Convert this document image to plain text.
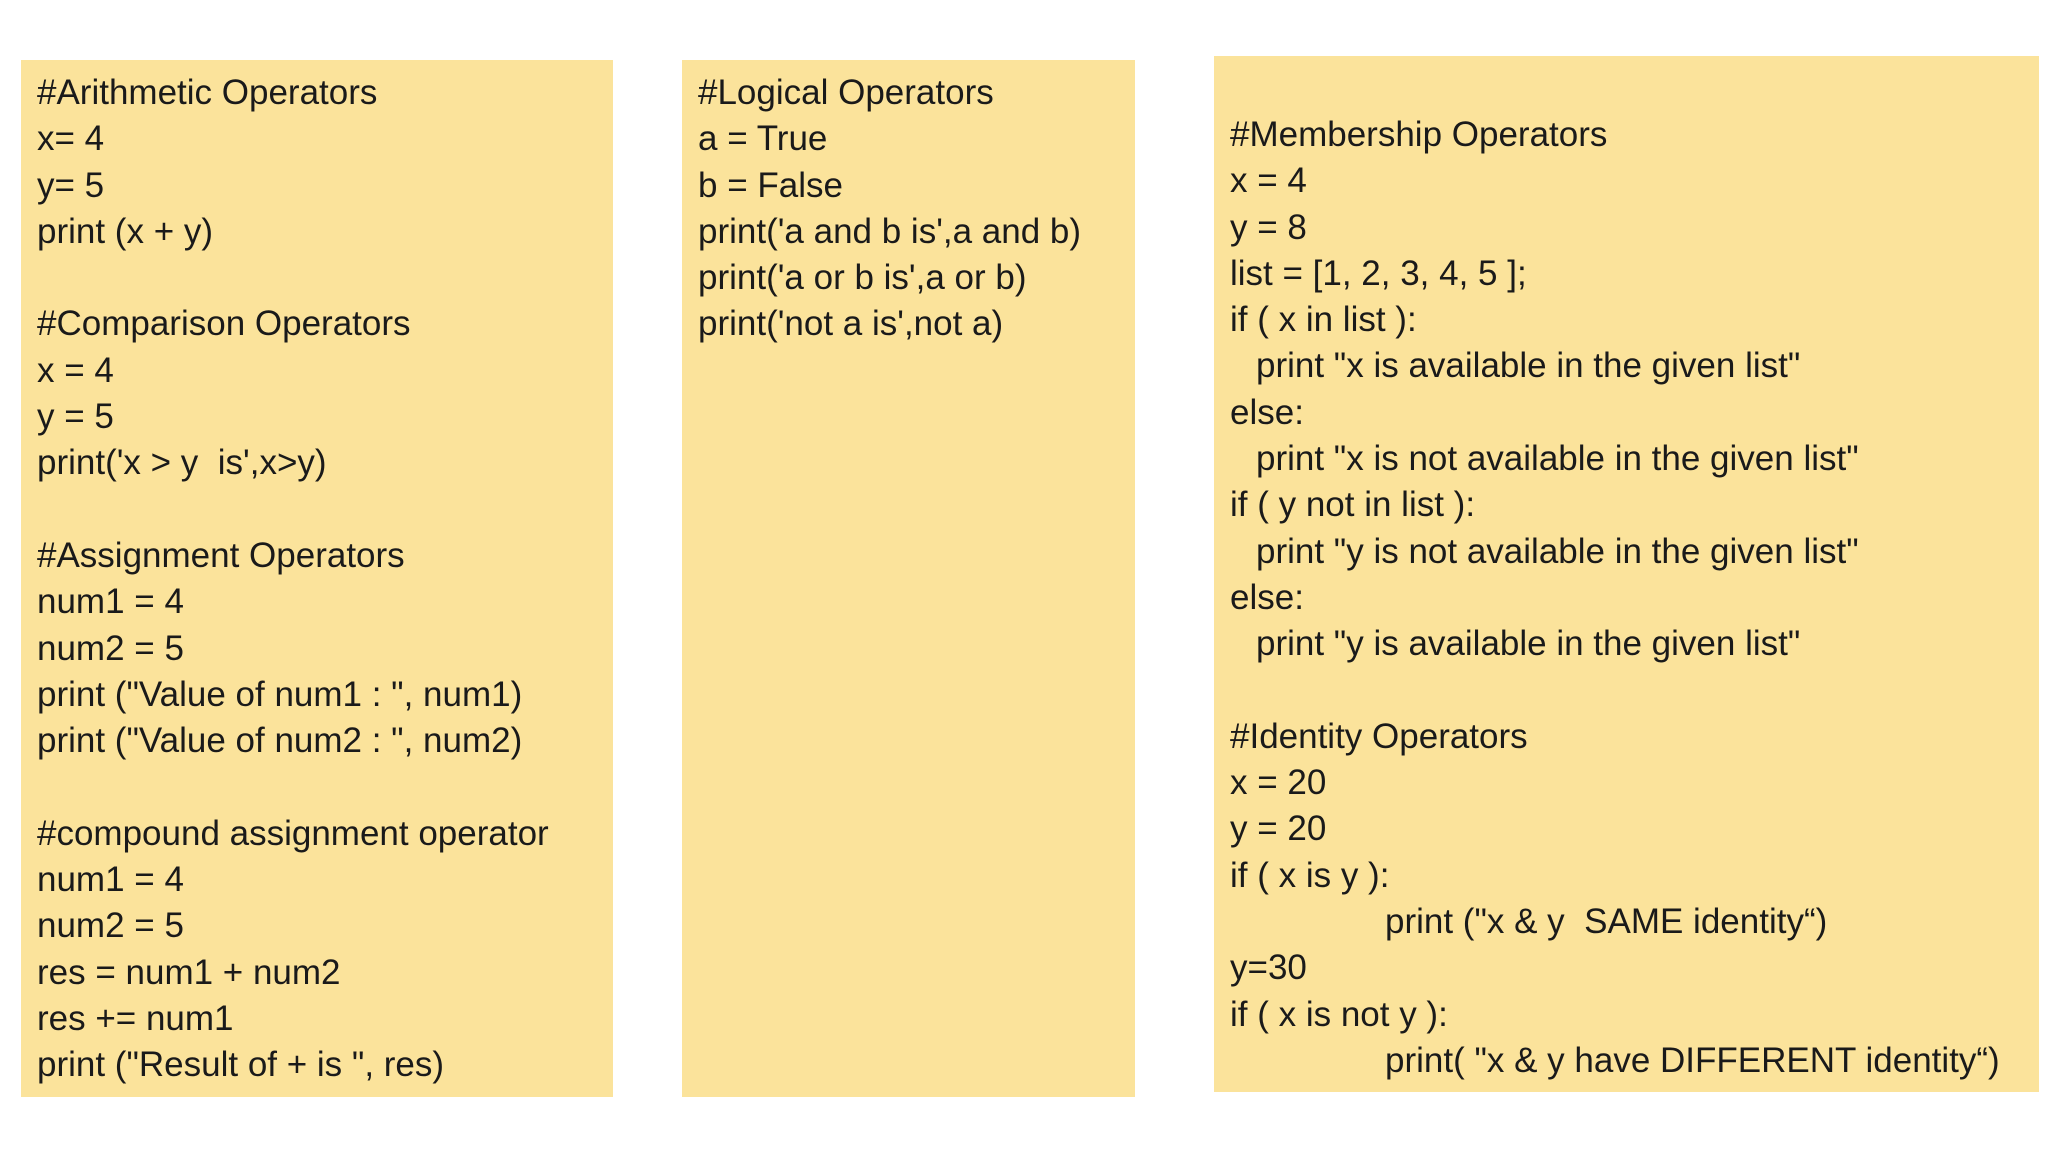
#Arithmetic Operators
x= 4
y= 5
print (x + y)
#Comparison Operators
x = 4
y = 5
print('x > y  is',x>y)
#Assignment Operators
num1 = 4
num2 = 5
print ("Value of num1 : ", num1)
print ("Value of num2 : ", num2)
#compound assignment operator
num1 = 4
num2 = 5
res = num1 + num2
res += num1
print ("Result of + is ", res)
#Logical Operators
a = True
b = False
print('a and b is',a and b)
print('a or b is',a or b)
print('not a is',not a)
#Membership Operators
x = 4
y = 8
list = [1, 2, 3, 4, 5 ];
if ( x in list ):
print "x is available in the given list"
else:
print "x is not available in the given list"
if ( y not in list ):
print "y is not available in the given list"
else:
print "y is available in the given list"
#Identity Operators
x = 20
y = 20
if ( x is y ):
print ("x & y  SAME identity“)
y=30
if ( x is not y ):
print( "x & y have DIFFERENT identity“)
